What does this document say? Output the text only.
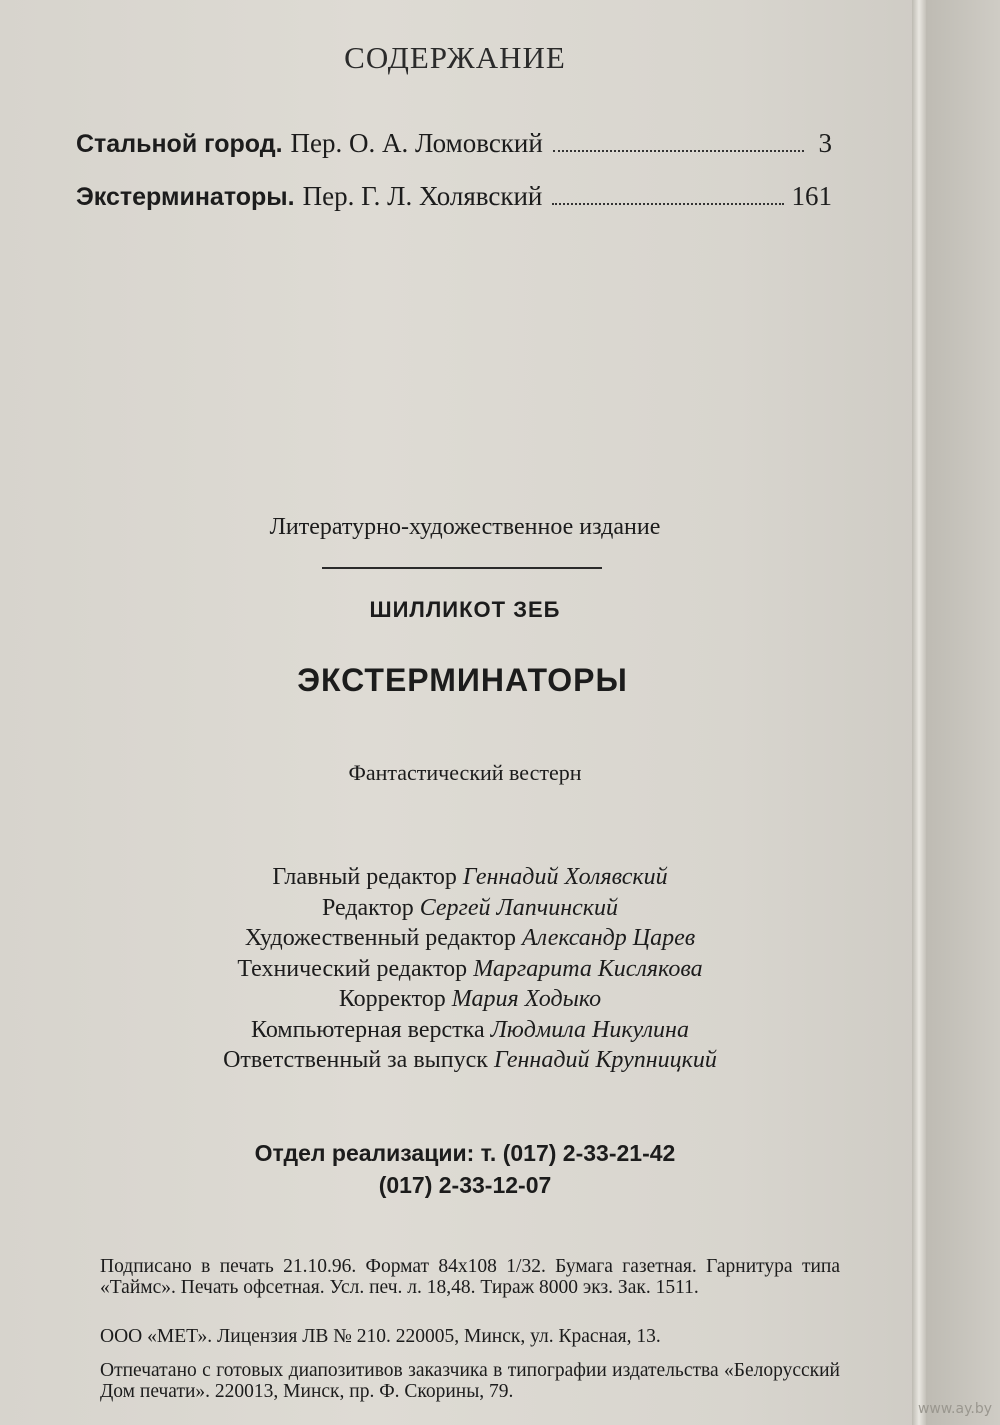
СОДЕРЖАНИЕ
Стальной город. Пер. О. А. Ломовский	3
Экстерминаторы. Пер. Г. Л. Холявский	161
Литературно-художественное издание
ШИЛЛИКОТ ЗЕБ
ЭКСТЕРМИНАТОРЫ
Фантастический вестерн
Главный редактор Геннадий Холявский
Редактор Сергей Лапчинский
Художественный редактор Александр Царев
Технический редактор Маргарита Кислякова
Корректор Мария Ходыко
Компьютерная верстка Людмила Никулина
Ответственный за выпуск Геннадий Крупницкий
Отдел реализации: т. (017) 2-33-21-42
(017) 2-33-12-07
Подписано в печать 21.10.96. Формат 84х108 1/32. Бумага газетная. Гарнитура типа «Таймс». Печать офсетная. Усл. печ. л. 18,48. Тираж 8000 экз. Зак. 1511.
ООО «МЕТ». Лицензия ЛВ № 210. 220005, Минск, ул. Красная, 13.
Отпечатано с готовых диапозитивов заказчика в типографии издательства «Белорусский Дом печати». 220013, Минск, пр. Ф. Скорины, 79.
www.ay.by
